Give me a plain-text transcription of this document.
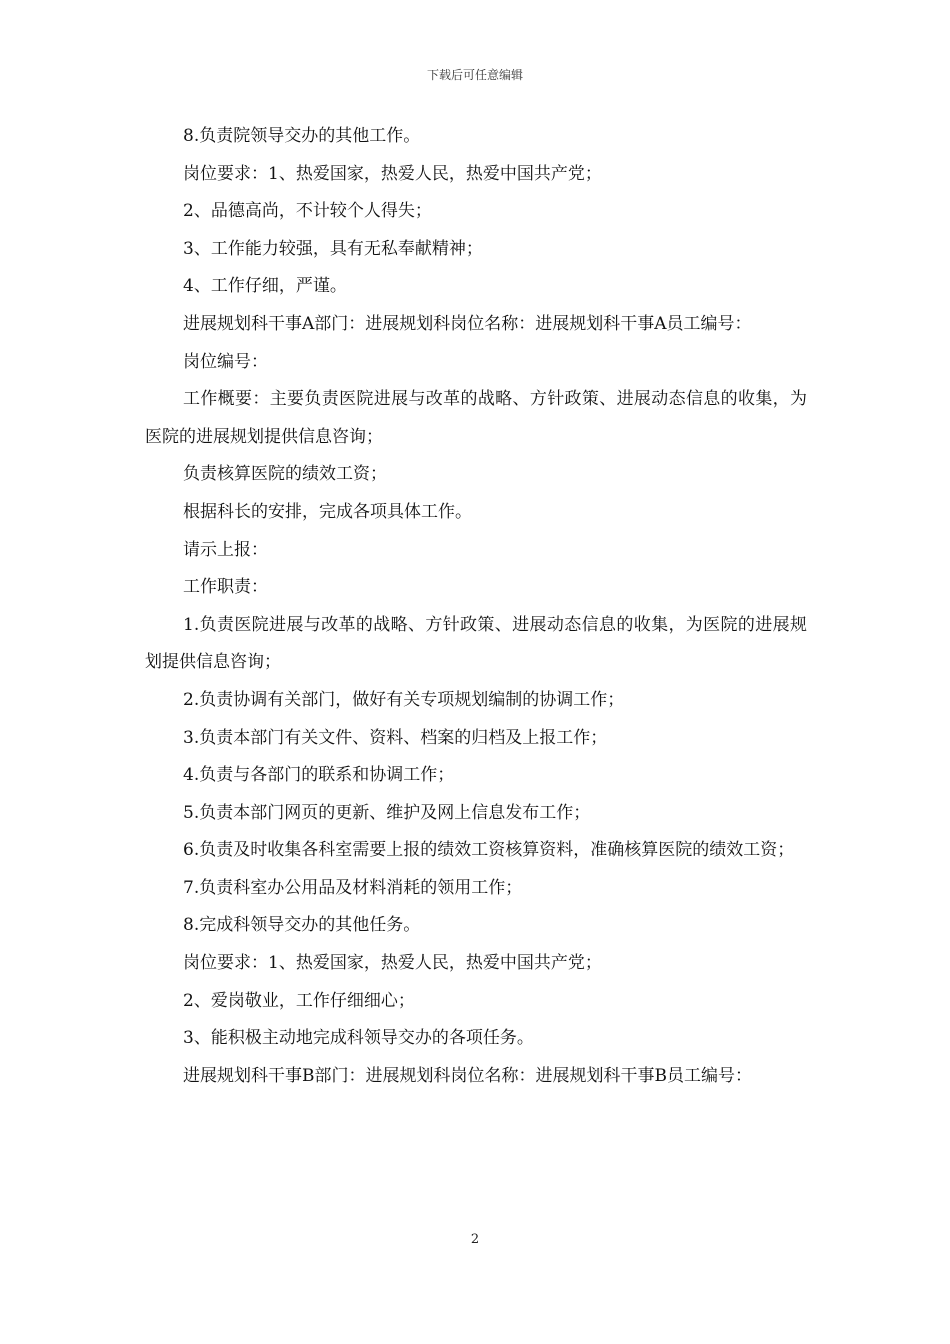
下载后可任意编辑

8.负责院领导交办的其他工作。

岗位要求：1、热爱国家，热爱人民，热爱中国共产党；

2、品德高尚，不计较个人得失；

3、工作能力较强，具有无私奉献精神；

4、工作仔细，严谨。

进展规划科干事A部门：进展规划科岗位名称：进展规划科干事A员工编号：

岗位编号：

工作概要：主要负责医院进展与改革的战略、方针政策、进展动态信息的收集，为医院的进展规划提供信息咨询；

负责核算医院的绩效工资；

根据科长的安排，完成各项具体工作。

请示上报：

工作职责：

1.负责医院进展与改革的战略、方针政策、进展动态信息的收集，为医院的进展规划提供信息咨询；

2.负责协调有关部门，做好有关专项规划编制的协调工作；

3.负责本部门有关文件、资料、档案的归档及上报工作；

4.负责与各部门的联系和协调工作；

5.负责本部门网页的更新、维护及网上信息发布工作；

6.负责及时收集各科室需要上报的绩效工资核算资料，准确核算医院的绩效工资；

7.负责科室办公用品及材料消耗的领用工作；

8.完成科领导交办的其他任务。

岗位要求：1、热爱国家，热爱人民，热爱中国共产党；

2、爱岗敬业，工作仔细细心；

3、能积极主动地完成科领导交办的各项任务。

进展规划科干事B部门：进展规划科岗位名称：进展规划科干事B员工编号：

2
